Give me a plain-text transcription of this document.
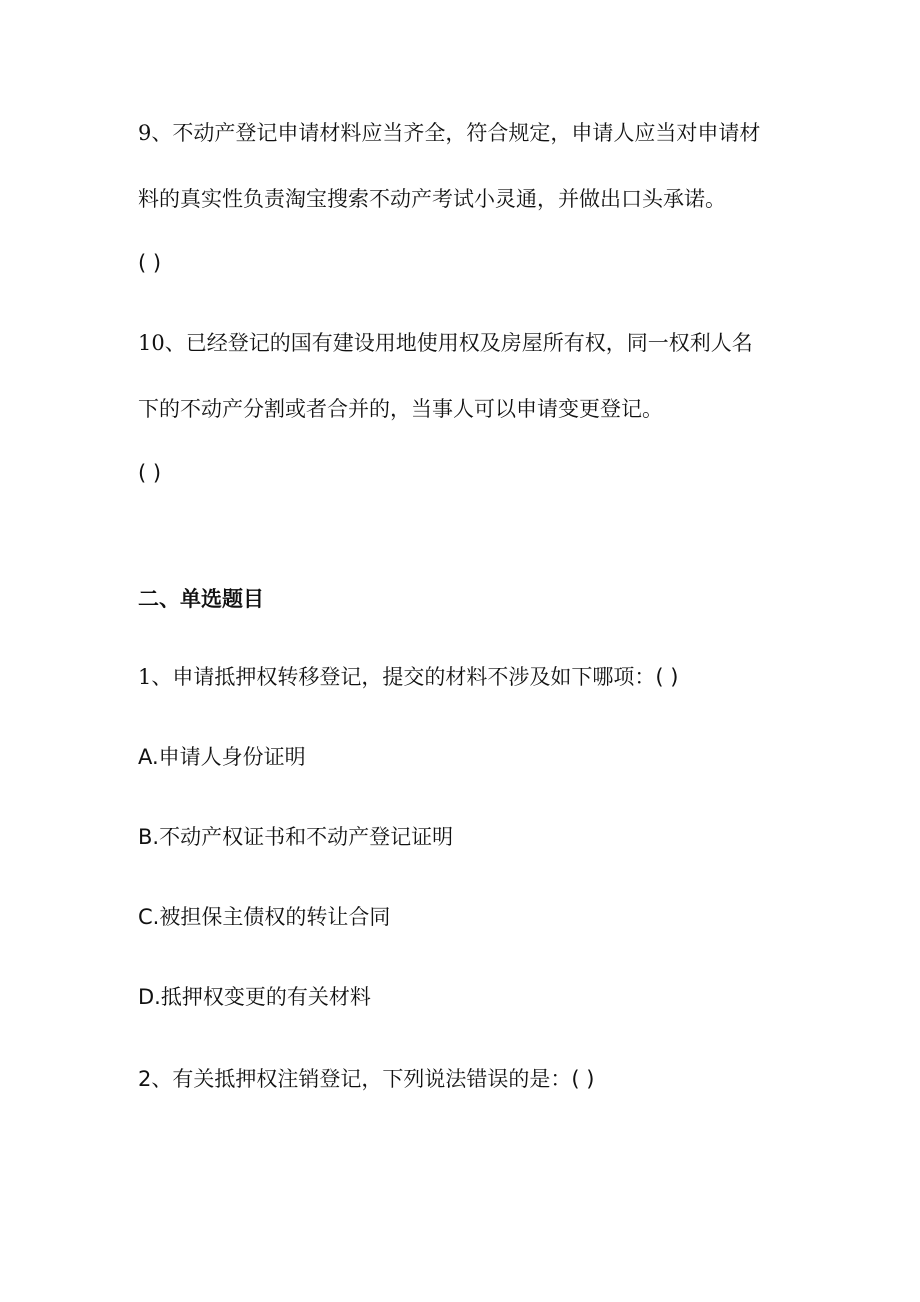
9、不动产登记申请材料应当齐全，符合规定，申请人应当对申请材
料的真实性负责淘宝搜索不动产考试小灵通，并做出口头承诺。
( )
10、已经登记的国有建设用地使用权及房屋所有权，同一权利人名
下的不动产分割或者合并的，当事人可以申请变更登记。
( )
二、单选题目
1、申请抵押权转移登记，提交的材料不涉及如下哪项：( )
A.申请人身份证明
B.不动产权证书和不动产登记证明
C.被担保主债权的转让合同
D.抵押权变更的有关材料
2、有关抵押权注销登记，下列说法错误的是：( )
